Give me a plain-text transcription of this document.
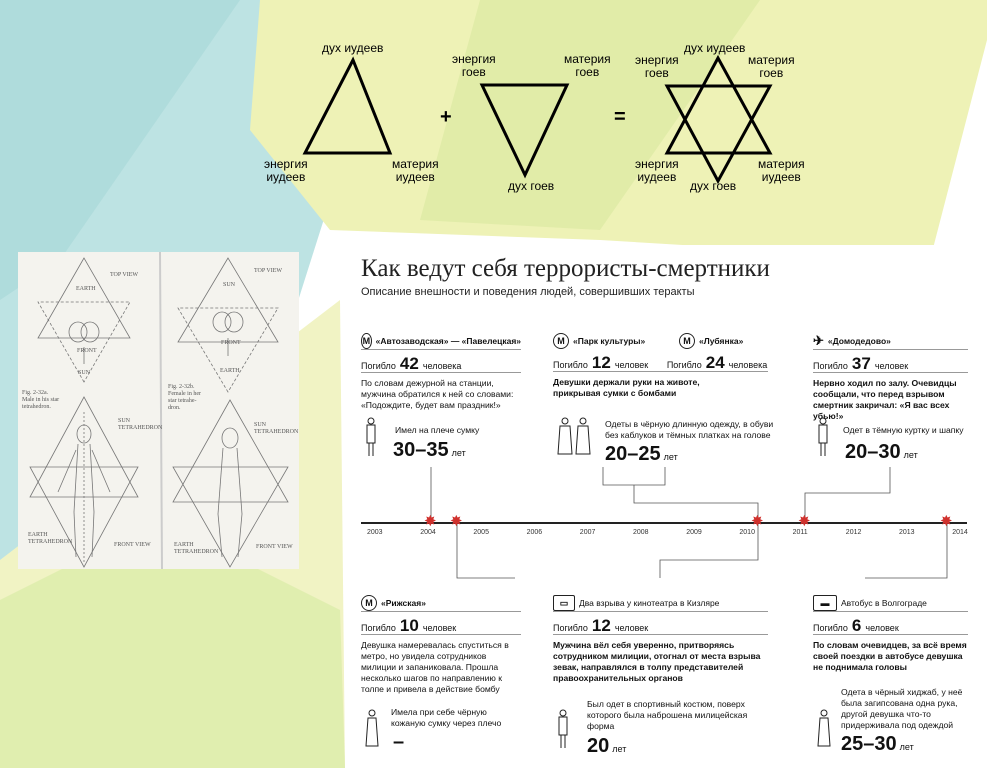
дух иудеев
энергия
иудеев
материя
иудеев
+
энергия
гоев
материя
гоев
дух гоев
=
дух иудеев
энергия
гоев
материя
гоев
энергия
иудеев
материя
иудеев
дух гоев
TOP VIEW
EARTH
FRONT
SUN
Fig. 2-32a.
Male in his star
tetrahedron.
SUN
TETRAHEDRON
EARTH
TETRAHEDRON	FRONT VIEW
TOP VIEW
SUN
FRONT
EARTH
Fig. 2-32b.
Female in her
star tetrahe-
dron.
SUN
TETRAHEDRON
EARTH
TETRAHEDRON
FRONT VIEW
Как ведут себя террористы-смертники
Описание внешности и поведения людей, совершивших теракты
2003	2004	2005	2006	2007	2008	2009	2010	2011	2012	2013	2014
✸ ✸	✸ ✸	✸
М «Автозаводская» — «Павелецкая»
Погибло 42 человека
По словам дежурной на станции, мужчина обратился к ней со словами: «Подождите, будет вам праздник!»
Имел на плече сумку
30–35 лет
М «Парк культуры»	М «Лубянка»
Погибло 12 человек	Погибло 24 человека
Девушки держали руки на животе, прикрывая сумки с бомбами
Одеты в чёрную длинную одежду, в обуви без каблуков и тёмных платках на голове
20–25 лет
✈ «Домодедово»
Погибло 37 человек
Нервно ходил по залу. Очевидцы сообщали, что перед взрывом смертник закричал: «Я вас всех убью!»
Одет в тёмную куртку и шапку
20–30 лет
М «Рижская»
Погибло 10 человек
Девушка намеревалась спуститься в метро, но увидела сотрудников милиции и запаниковала. Прошла несколько шагов по направлению к толпе и привела в действие бомбу
Имела при себе чёрную кожаную сумку через плечо
–
▭	Два взрыва у кинотеатра в Кизляре
Погибло 12 человек
Мужчина вёл себя уверенно, притворяясь сотрудником милиции, отогнал от места взрыва зевак, направлялся в толпу представителей правоохранительных органов
Был одет в спортивный костюм, поверх которого была наброшена милицейская форма
20 лет
▬	Автобус в Волгограде
Погибло 6 человек
По словам очевидцев, за всё время своей поездки в автобусе девушка не поднимала головы
Одета в чёрный хиджаб, у неё была загипсована одна рука, другой девушка что-то придерживала под одеждой
25–30 лет
